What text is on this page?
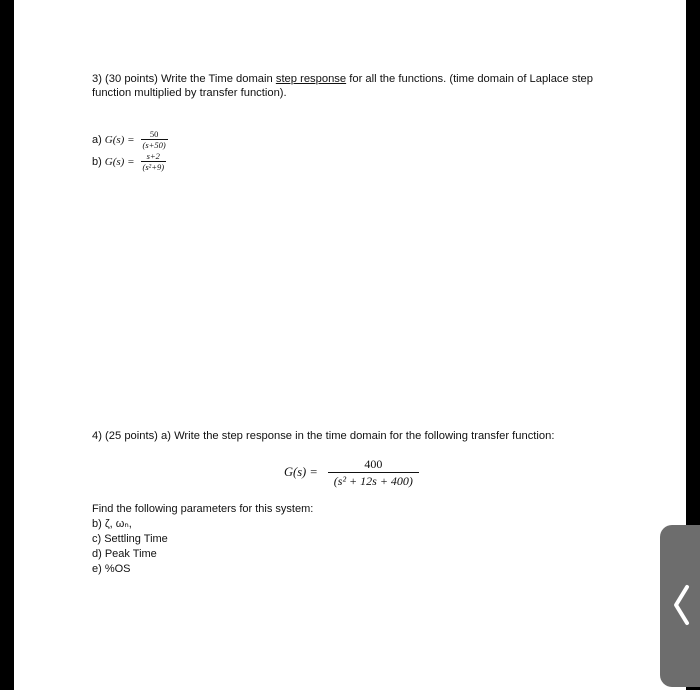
3) (30 points) Write the Time domain step response for all the functions. (time domain of Laplace step
function multiplied by transfer function).
a) $G(s) = \frac{50}{(s+50)}$
b) $G(s) = \frac{s+2}{\text{(s²+9)}}$
4) (25 points) a) Write the step response in the time domain for the following transfer function:
$G(s) = \frac{400}{\text{(s² + 12s + 400)}}$
Find the following parameters for this system:
b) ζ, ωₙ,
c) Settling Time
d) Peak Time
e) %OS
